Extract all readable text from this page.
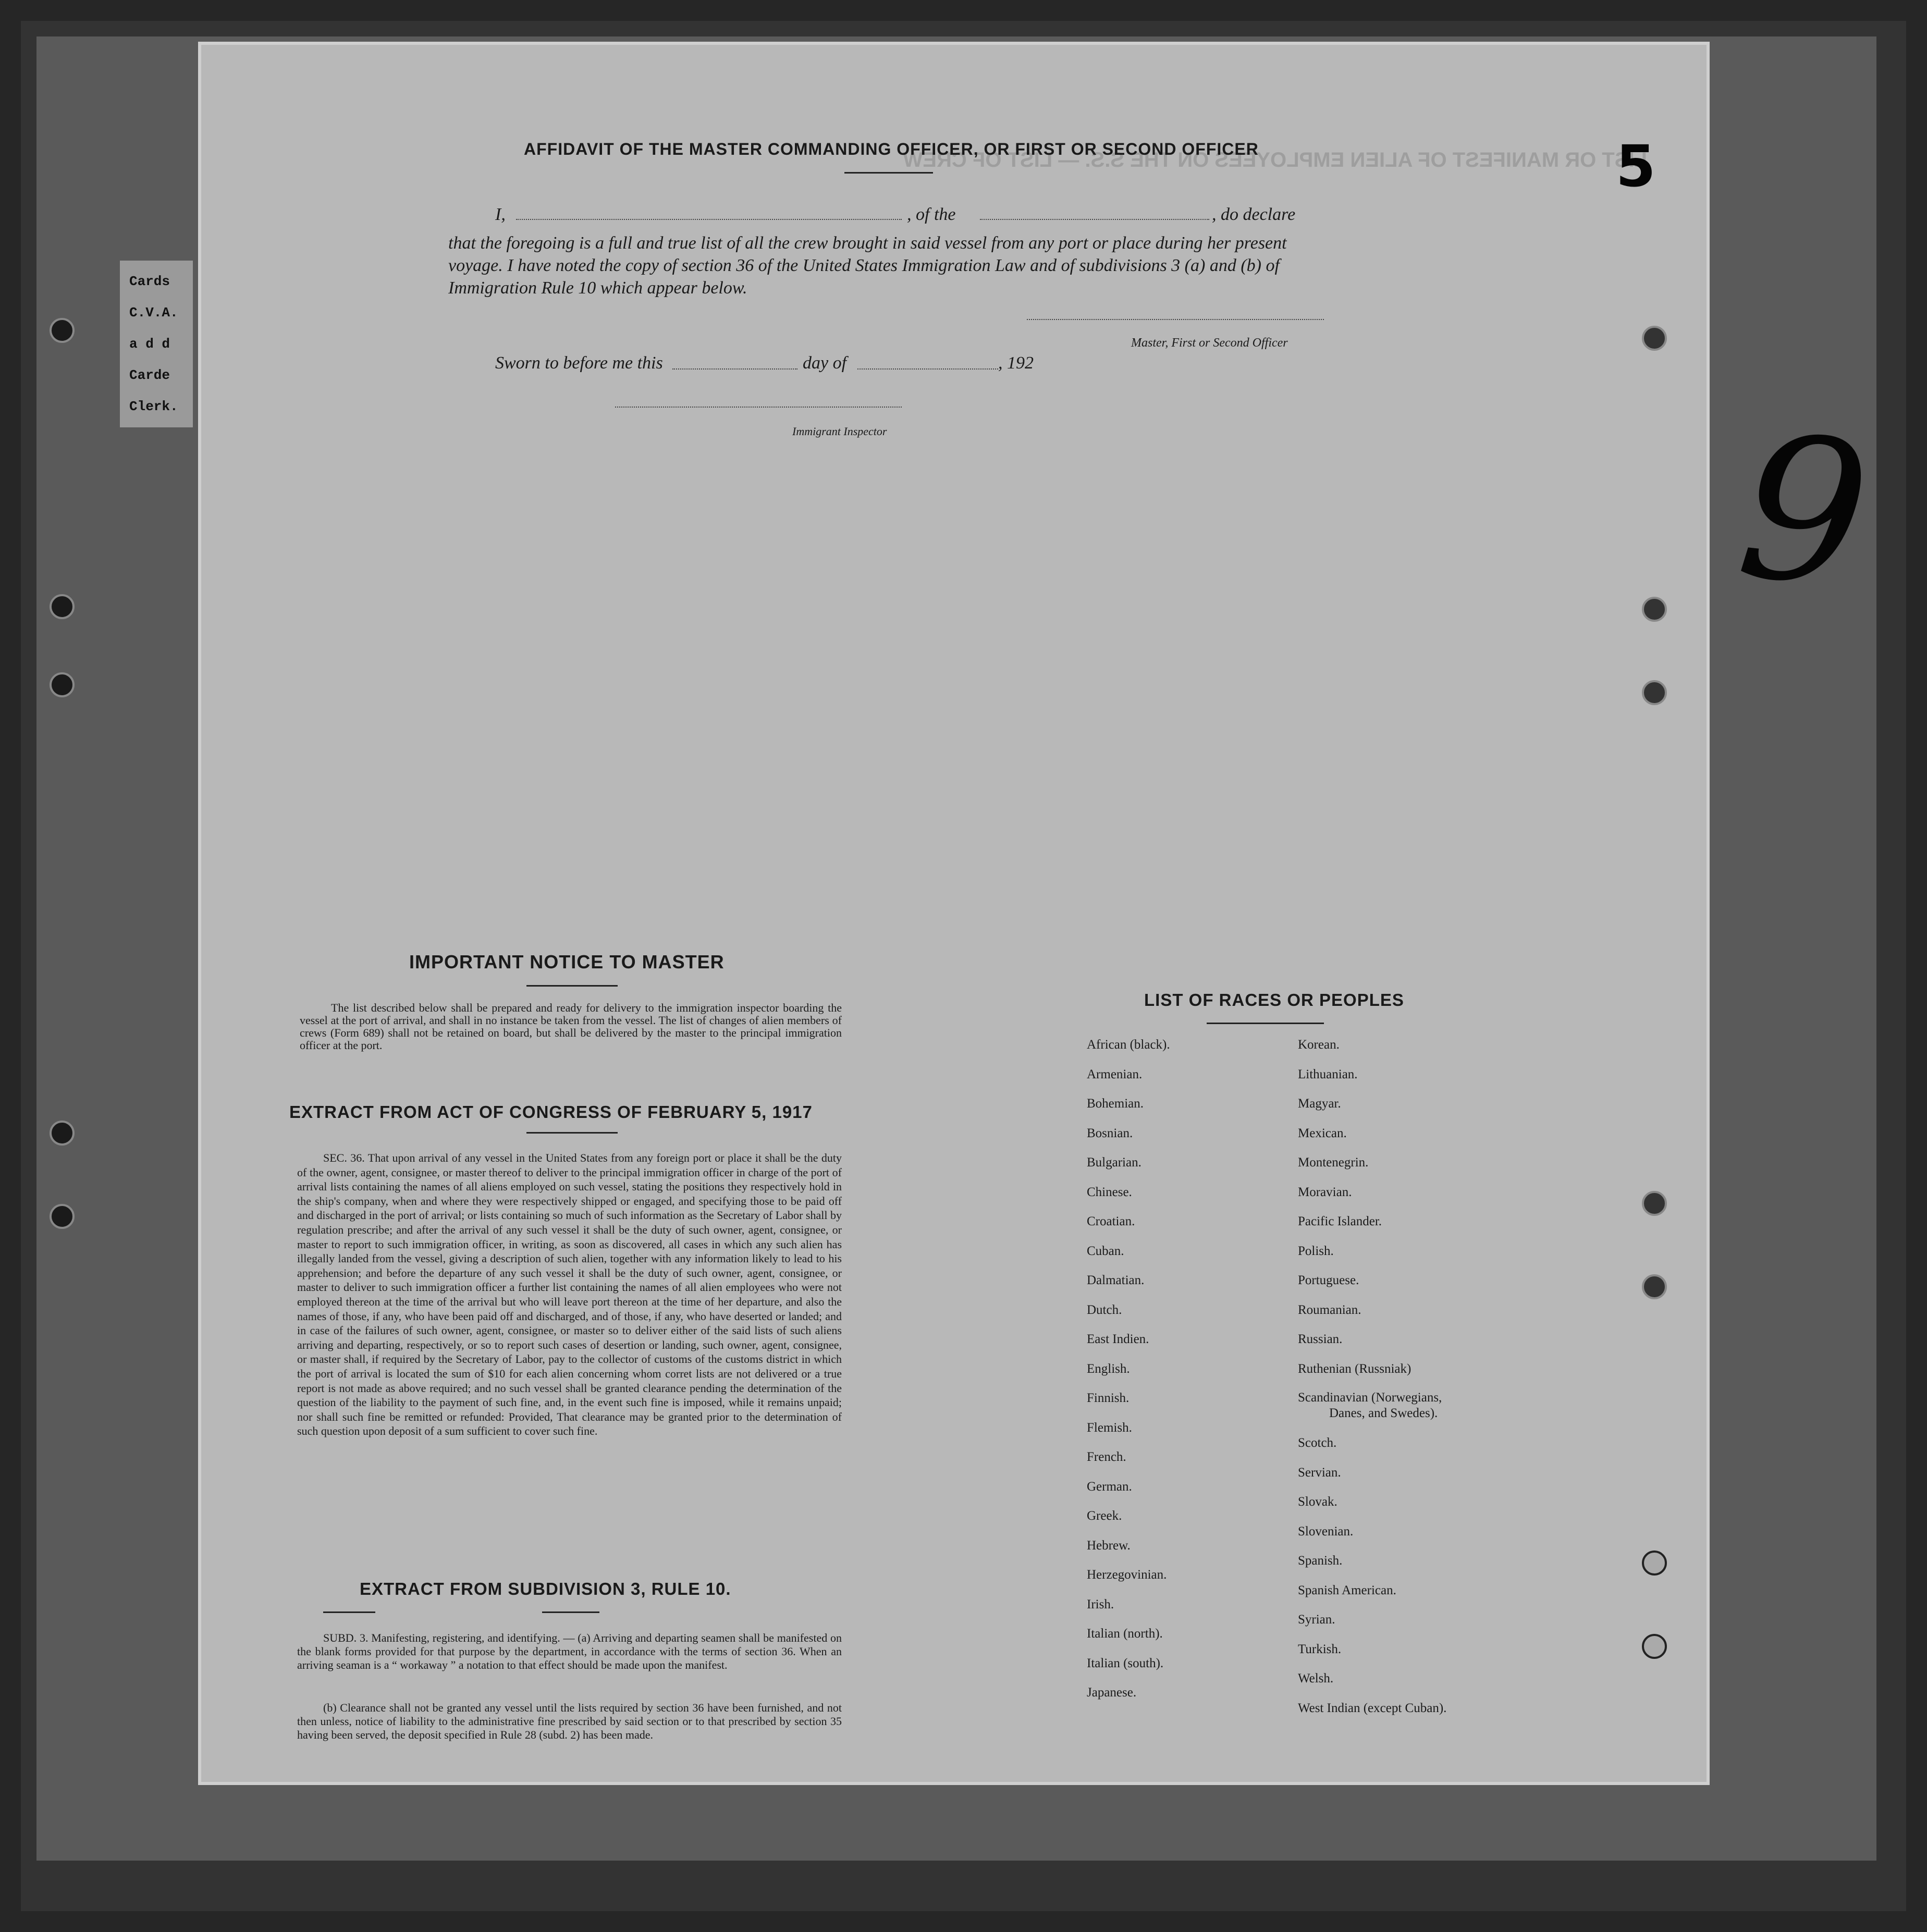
Cards
C.V.A.
a d d
Carde
Clerk.
LIST OR MANIFEST OF ALIEN EMPLOYEES ON THE S.S. — LIST OF CREW
AFFIDAVIT OF THE MASTER COMMANDING OFFICER, OR FIRST OR SECOND OFFICER
I,	, of the	, do declare
that the foregoing is a full and true list of all the crew brought in said vessel from any port or place during her present
voyage. I have noted the copy of section 36 of the United States Immigration Law and of subdivisions 3 (a) and (b) of
Immigration Rule 10 which appear below.
Master, First or Second Officer
Sworn to before me this	day of	, 192
Immigrant Inspector
5
9
IMPORTANT NOTICE TO MASTER
The list described below shall be prepared and ready for delivery to the immigration inspector boarding the vessel at the port of arrival, and shall in no instance be taken from the vessel. The list of changes of alien members of crews (Form 689) shall not be retained on board, but shall be delivered by the master to the principal immigration officer at the port.
EXTRACT FROM ACT OF CONGRESS OF FEBRUARY 5, 1917
SEC. 36. That upon arrival of any vessel in the United States from any foreign port or place it shall be the duty of the owner, agent, consignee, or master thereof to deliver to the principal immigration officer in charge of the port of arrival lists containing the names of all aliens employed on such vessel, stating the positions they respectively hold in the ship's company, when and where they were respectively shipped or engaged, and specifying those to be paid off and discharged in the port of arrival; or lists containing so much of such information as the Secretary of Labor shall by regulation prescribe; and after the arrival of any such vessel it shall be the duty of such owner, agent, consignee, or master to report to such immigration officer, in writing, as soon as discovered, all cases in which any such alien has illegally landed from the vessel, giving a description of such alien, together with any information likely to lead to his apprehension; and before the departure of any such vessel it shall be the duty of such owner, agent, consignee, or master to deliver to such immigration officer a further list containing the names of all alien employees who were not employed thereon at the time of the arrival but who will leave port thereon at the time of her departure, and also the names of those, if any, who have been paid off and discharged, and of those, if any, who have deserted or landed; and in case of the failures of such owner, agent, consignee, or master so to deliver either of the said lists of such aliens arriving and departing, respectively, or so to report such cases of desertion or landing, such owner, agent, consignee, or master shall, if required by the Secretary of Labor, pay to the collector of customs of the customs district in which the port of arrival is located the sum of $10 for each alien concerning whom corret lists are not delivered or a true report is not made as above required; and no such vessel shall be granted clearance pending the determination of the question of the liability to the payment of such fine, and, in the event such fine is imposed, while it remains unpaid; nor shall such fine be remitted or refunded: Provided, That clearance may be granted prior to the determination of such question upon deposit of a sum sufficient to cover such fine.
EXTRACT FROM SUBDIVISION 3, RULE 10.
SUBD. 3. Manifesting, registering, and identifying. — (a) Arriving and departing seamen shall be manifested on the blank forms provided for that purpose by the department, in accordance with the terms of section 36. When an arriving seaman is a “ workaway ” a notation to that effect should be made upon the manifest.
(b) Clearance shall not be granted any vessel until the lists required by section 36 have been furnished, and not then unless, notice of liability to the administrative fine prescribed by said section or to that prescribed by section 35 having been served, the deposit specified in Rule 28 (subd. 2) has been made.
LIST OF RACES OR PEOPLES
African (black).
Armenian.
Bohemian.
Bosnian.
Bulgarian.
Chinese.
Croatian.
Cuban.
Dalmatian.
Dutch.
East Indien.
English.
Finnish.
Flemish.
French.
German.
Greek.
Hebrew.
Herzegovinian.
Irish.
Italian (north).
Italian (south).
Japanese.
Korean.
Lithuanian.
Magyar.
Mexican.
Montenegrin.
Moravian.
Pacific Islander.
Polish.
Portuguese.
Roumanian.
Russian.
Ruthenian (Russniak)
Scandinavian (Norwegians,
Danes, and Swedes).
Scotch.
Servian.
Slovak.
Slovenian.
Spanish.
Spanish American.
Syrian.
Turkish.
Welsh.
West Indian (except Cuban).
